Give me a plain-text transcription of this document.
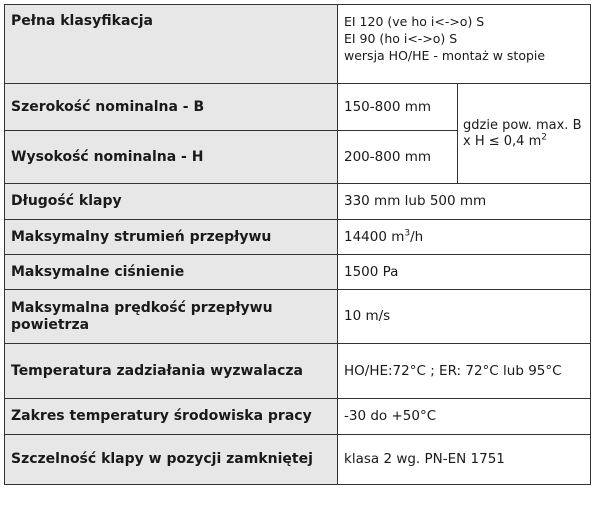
Pełna klasyfikacja	EI 120 (ve ho i<->o) S
EI 90 (ho i<->o) S
wersja HO/HE - montaż w stopie	

Szerokość nominalna - B	150-800 mm	gdzie pow. max. B x H ≤ 0,4 $m^2$
Wysokość nominalna - H	200-800 mm	
Długość klapy	330 mm lub 500 mm	
Maksymalny strumień przepływu	14400 $m^3/h$	
Maksymalne ciśnienie	1500 Pa	
Maksymalna prędkość przepływu powietrza	10 m/s	
Temperatura zadziałania wyzwalacza	HO/HE:72°C ; ER: 72°C lub 95°C	
Zakres temperatury środowiska pracy	-30 do +50°C	
Szczelność klapy w pozycji zamkniętej	klasa 2 wg. PN-EN 1751	
